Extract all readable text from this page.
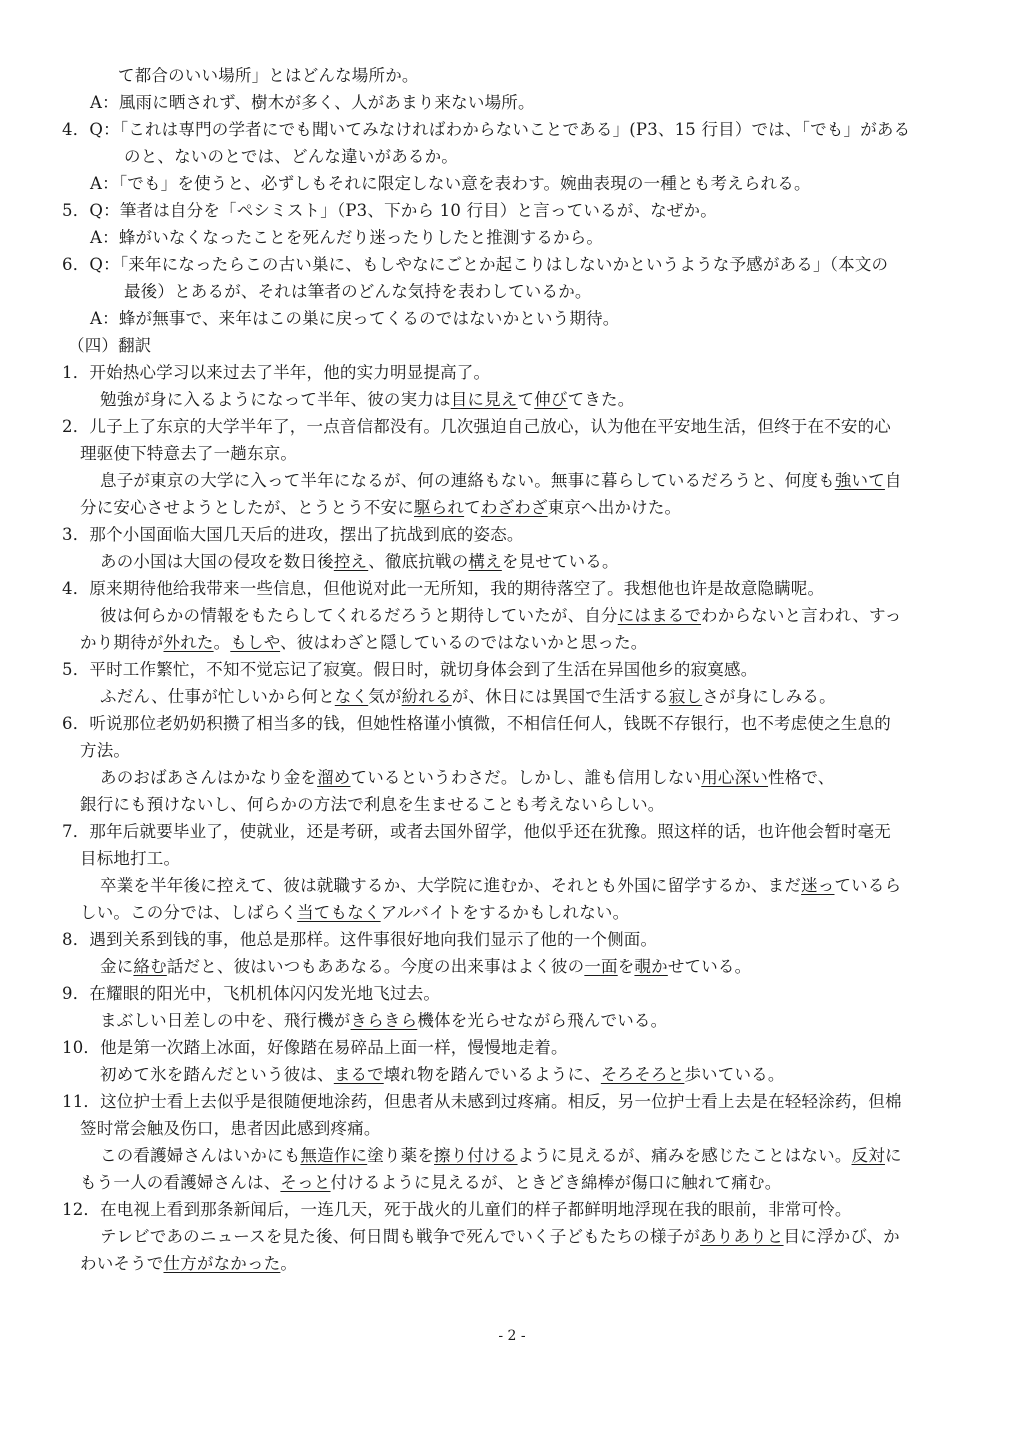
て都合のいい場所」とはどんな場所か。
A：風雨に晒されず、樹木が多く、人があまり来ない場所。
4．Q：「これは専門の学者にでも聞いてみなければわからないことである」(P3、15 行目）では、「でも」がある
のと、ないのとでは、どんな違いがあるか。
A：「でも」を使うと、必ずしもそれに限定しない意を表わす。婉曲表現の一種とも考えられる。
5．Q：筆者は自分を「ペシミスト」（P3、下から 10 行目）と言っているが、なぜか。
A：蜂がいなくなったことを死んだり迷ったりしたと推測するから。
6．Q：「来年になったらこの古い巣に、もしやなにごとか起こりはしないかというような予感がある」（本文の
最後）とあるが、それは筆者のどんな気持を表わしているか。
A：蜂が無事で、来年はこの巣に戻ってくるのではないかという期待。
（四）翻訳
1．开始热心学习以来过去了半年，他的实力明显提高了。
勉強が身に入るようになって半年、彼の実力は目に見えて伸びてきた。
2．儿子上了东京的大学半年了，一点音信都没有。几次强迫自己放心，认为他在平安地生活，但终于在不安的心
理驱使下特意去了一趟东京。
息子が東京の大学に入って半年になるが、何の連絡もない。無事に暮らしているだろうと、何度も強いて自
分に安心させようとしたが、とうとう不安に駆られてわざわざ東京へ出かけた。
3．那个小国面临大国几天后的进攻，摆出了抗战到底的姿态。
あの小国は大国の侵攻を数日後控え、徹底抗戦の構えを見せている。
4．原来期待他给我带来一些信息，但他说对此一无所知，我的期待落空了。我想他也许是故意隐瞒呢。
彼は何らかの情報をもたらしてくれるだろうと期待していたが、自分にはまるでわからないと言われ、すっ
かり期待が外れた。もしや、彼はわざと隠しているのではないかと思った。
5．平时工作繁忙，不知不觉忘记了寂寞。假日时，就切身体会到了生活在异国他乡的寂寞感。
ふだん、仕事が忙しいから何となく気が紛れるが、休日には異国で生活する寂しさが身にしみる。
6．听说那位老奶奶积攒了相当多的钱，但她性格谨小慎微，不相信任何人，钱既不存银行，也不考虑使之生息的
方法。
あのおばあさんはかなり金を溜めているというわさだ。しかし、誰も信用しない用心深い性格で、
銀行にも預けないし、何らかの方法で利息を生ませることも考えないらしい。
7．那年后就要毕业了，使就业，还是考研，或者去国外留学，他似乎还在犹豫。照这样的话，也许他会暂时毫无
目标地打工。
卒業を半年後に控えて、彼は就職するか、大学院に進むか、それとも外国に留学するか、まだ迷っているら
しい。この分では、しばらく当てもなくアルバイトをするかもしれない。
8．遇到关系到钱的事，他总是那样。这件事很好地向我们显示了他的一个侧面。
金に絡む話だと、彼はいつもああなる。今度の出来事はよく彼の一面を覗かせている。
9．在耀眼的阳光中，飞机机体闪闪发光地飞过去。
まぶしい日差しの中を、飛行機がきらきら機体を光らせながら飛んでいる。
10．他是第一次踏上冰面，好像踏在易碎品上面一样，慢慢地走着。
初めて氷を踏んだという彼は、まるで壊れ物を踏んでいるように、そろそろと歩いている。
11．这位护士看上去似乎是很随便地涂药，但患者从未感到过疼痛。相反，另一位护士看上去是在轻轻涂药，但棉
签时常会触及伤口，患者因此感到疼痛。
この看護婦さんはいかにも無造作に塗り薬を擦り付けるように見えるが、痛みを感じたことはない。反対に
もう一人の看護婦さんは、そっと付けるように見えるが、ときどき綿棒が傷口に触れて痛む。
12．在电视上看到那条新闻后，一连几天，死于战火的儿童们的样子都鲜明地浮现在我的眼前，非常可怜。
テレビであのニュースを見た後、何日間も戦争で死んでいく子どもたちの様子がありありと目に浮かび、か
わいそうで仕方がなかった。
- 2 -
